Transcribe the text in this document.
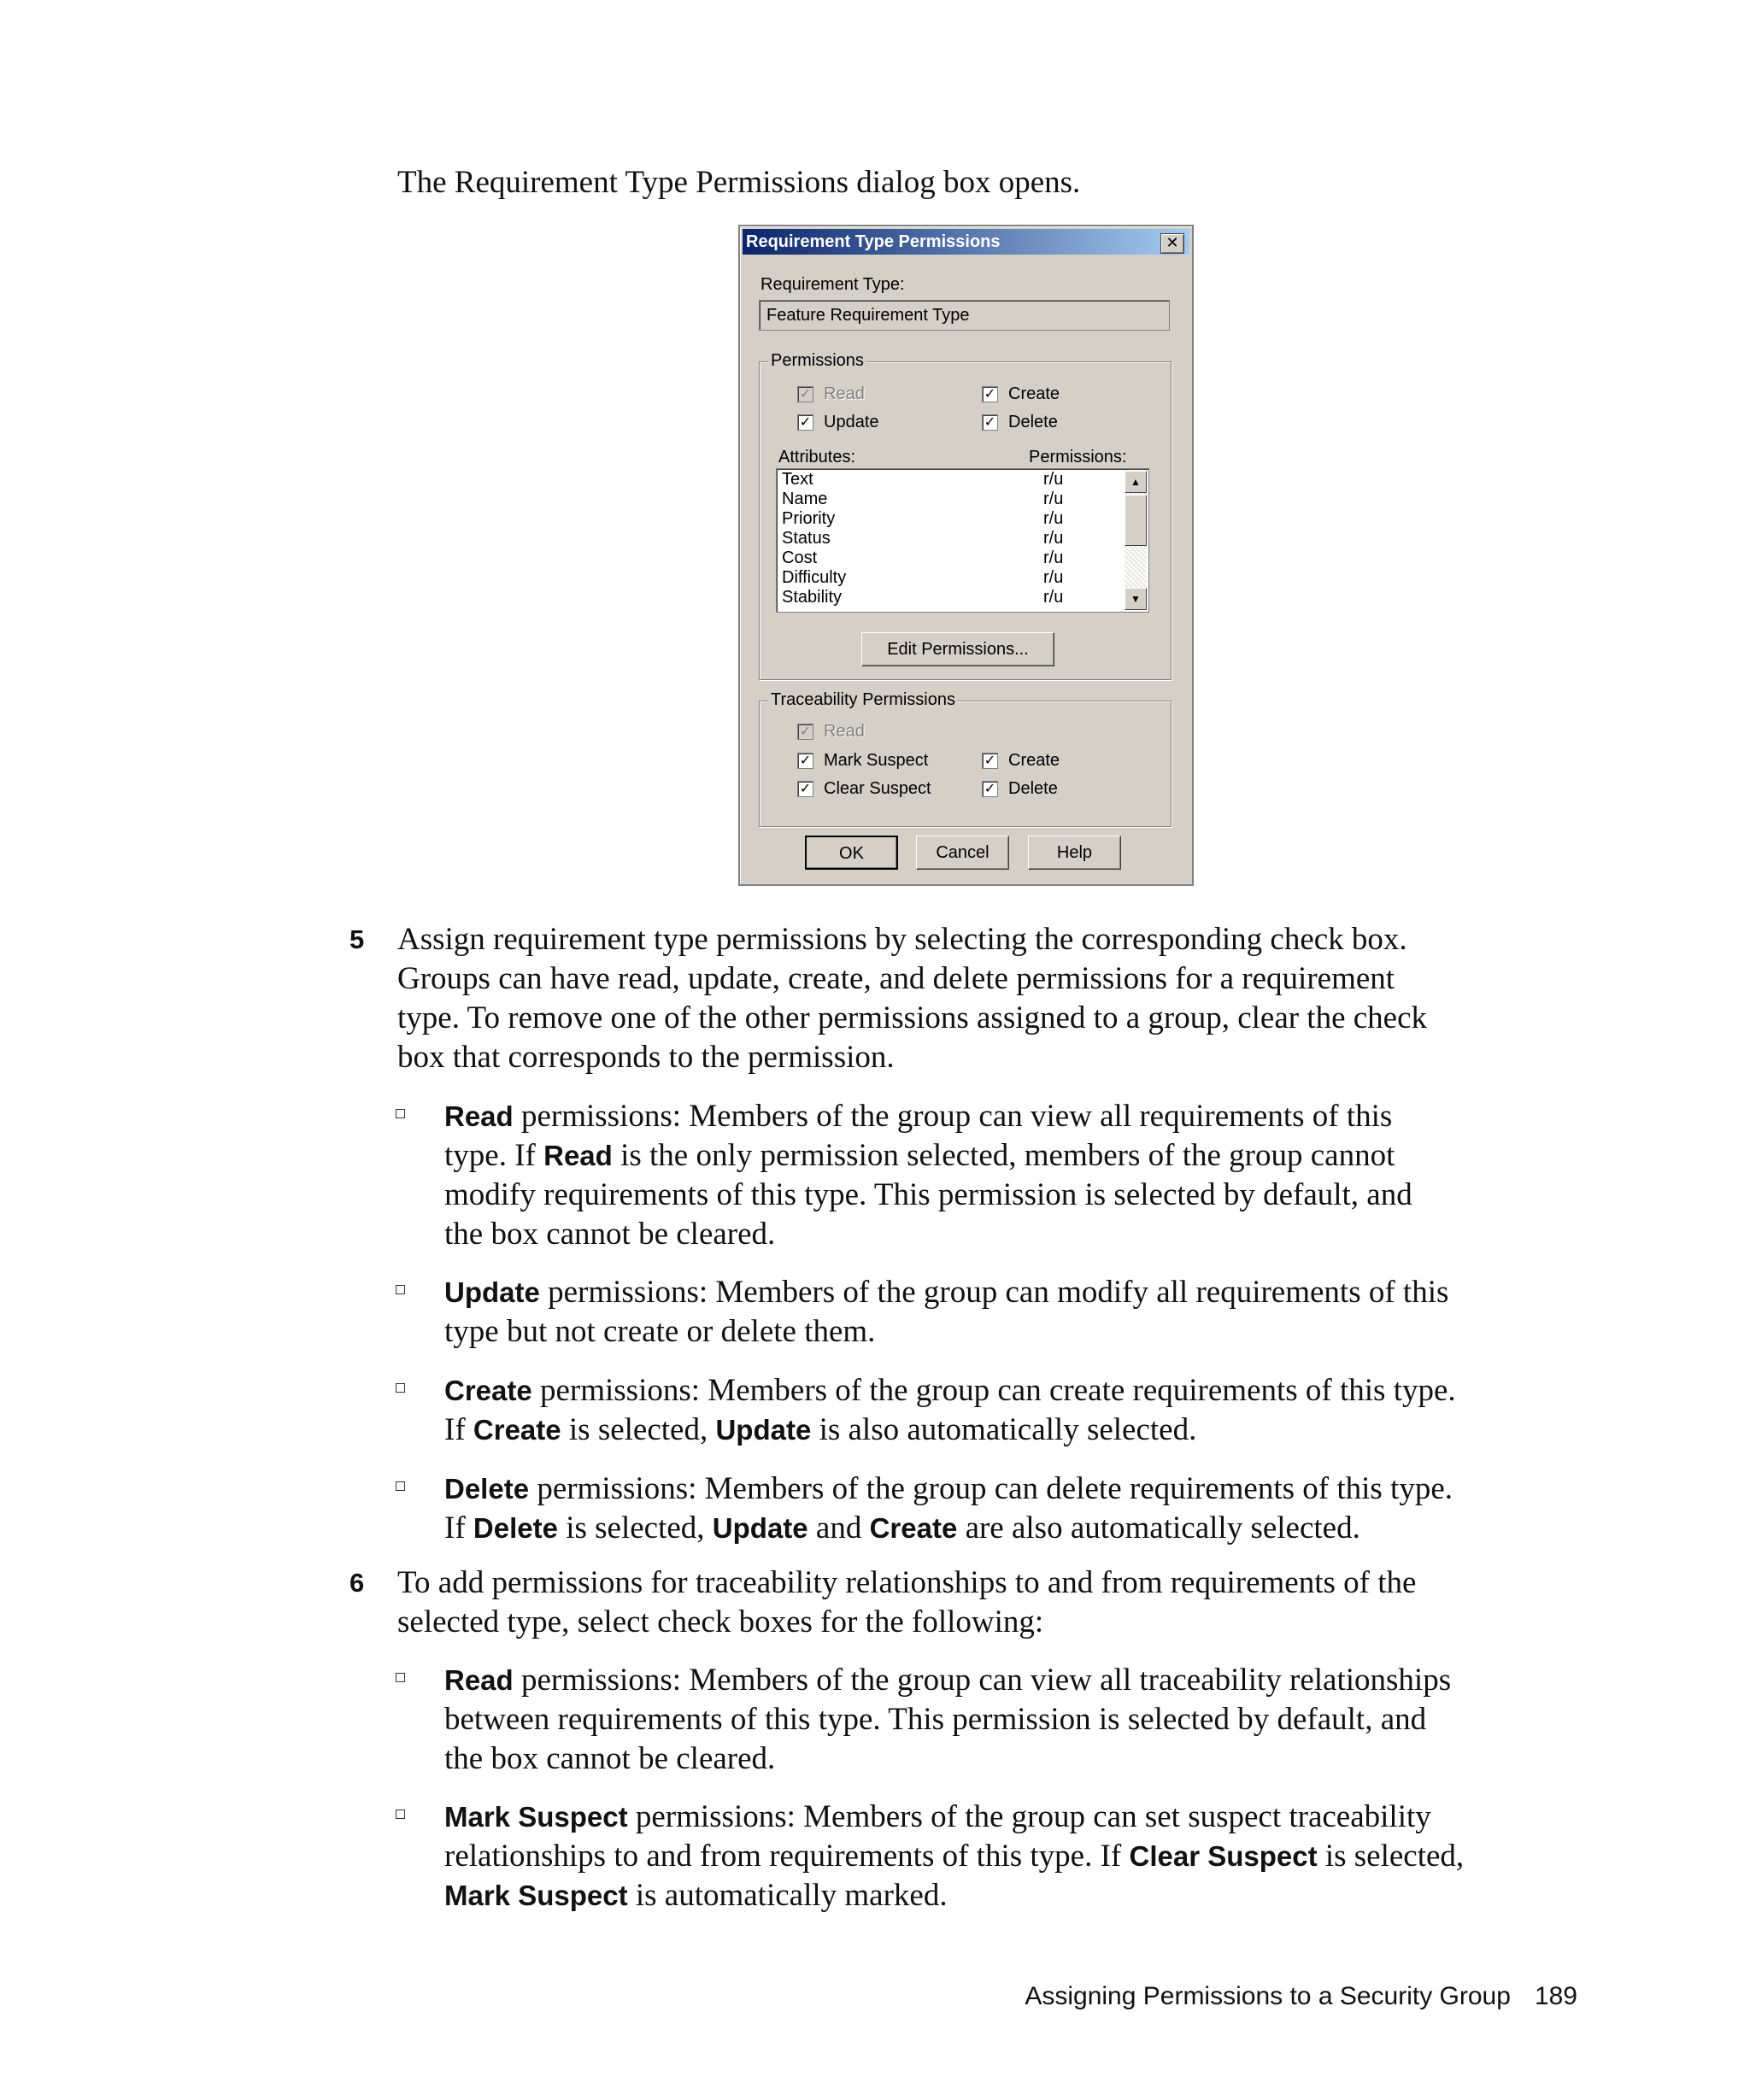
The Requirement Type Permissions dialog box opens.
Requirement Type Permissions	✕
Requirement Type:
Feature Requirement Type
Permissions
✓ Read	✓ Create
✓ Update	✓ Delete
Attributes:	Permissions:
Text	r/u
Name	r/u
Priority	r/u
Status	r/u
Cost	r/u
Difficulty	r/u
Stability	r/u
▲
▼
Edit Permissions...
Traceability Permissions
✓ Read
✓ Mark Suspect	✓ Create
✓ Clear Suspect	✓ Delete
OK	Cancel	Help
5 Assign requirement type permissions by selecting the corresponding check box.
Groups can have read, update, create, and delete permissions for a requirement
type. To remove one of the other permissions assigned to a group, clear the check
box that corresponds to the permission.
Read permissions: Members of the group can view all requirements of this
type. If Read is the only permission selected, members of the group cannot
modify requirements of this type. This permission is selected by default, and
the box cannot be cleared.
Update permissions: Members of the group can modify all requirements of this
type but not create or delete them.
Create permissions: Members of the group can create requirements of this type.
If Create is selected, Update is also automatically selected.
Delete permissions: Members of the group can delete requirements of this type.
If Delete is selected, Update and Create are also automatically selected.
6 To add permissions for traceability relationships to and from requirements of the
selected type, select check boxes for the following:
Read permissions: Members of the group can view all traceability relationships
between requirements of this type. This permission is selected by default, and
the box cannot be cleared.
Mark Suspect permissions: Members of the group can set suspect traceability
relationships to and from requirements of this type. If Clear Suspect is selected,
Mark Suspect is automatically marked.
Assigning Permissions to a Security Group 189
